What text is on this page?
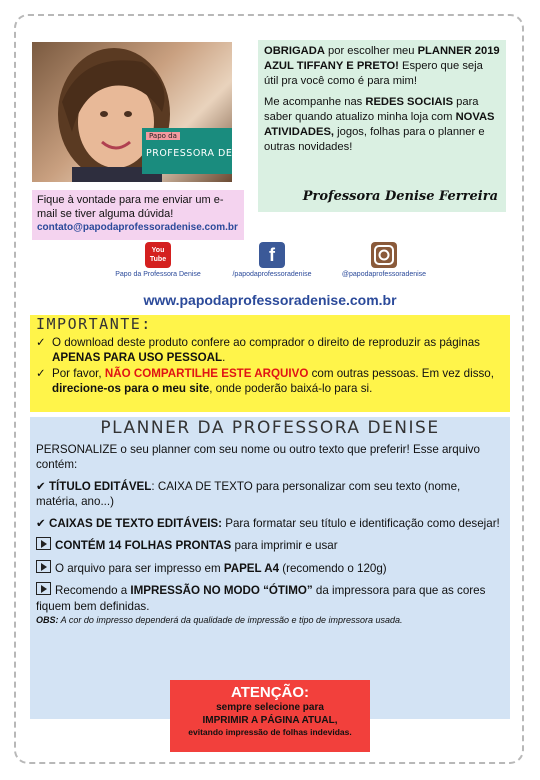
Papo da
PROFESSORA DENISE

OBRIGADA por escolher meu PLANNER 2019 AZUL TIFFANY E PRETO! Espero que seja útil pra você como é para mim!

Me acompanhe nas REDES SOCIAIS para saber quando atualizo minha loja com NOVAS ATIVIDADES, jogos, folhas para o planner e outras novidades!

Professora Denise Ferreira
Fique à vontade para me enviar um e-mail se tiver alguma dúvida!
contato@papodaprofessoradenise.com.br
You Tube
Papo da Professora Denise
f
/papodaprofessoradenise	@papodaprofessoradenise
www.papodaprofessoradenise.com.br
IMPORTANTE:
✓ O download deste produto confere ao comprador o direito de reproduzir as páginas APENAS PARA USO PESSOAL.
✓ Por favor, NÃO COMPARTILHE ESTE ARQUIVO com outras pessoas. Em vez disso, direcione-os para o meu site, onde poderão baixá-lo para si.
PLANNER DA PROFESSORA DENISE

PERSONALIZE o seu planner com seu nome ou outro texto que preferir! Esse arquivo contém:

✔ TÍTULO EDITÁVEL: CAIXA DE TEXTO para personalizar com seu texto (nome, matéria, ano...)

✔ CAIXAS DE TEXTO EDITÁVEIS: Para formatar seu título e identificação como desejar!

CONTÉM 14 FOLHAS PRONTAS para imprimir e usar

O arquivo para ser impresso em PAPEL A4 (recomendo o 120g)

Recomendo a IMPRESSÃO NO MODO “ÓTIMO” da impressora para que as cores fiquem bem definidas.

OBS: A cor do impresso dependerá da qualidade de impressão e tipo de impressora usada.

ATENÇÃO:
sempre selecione para
IMPRIMIR A PÁGINA ATUAL,
evitando impressão de folhas indevidas.
